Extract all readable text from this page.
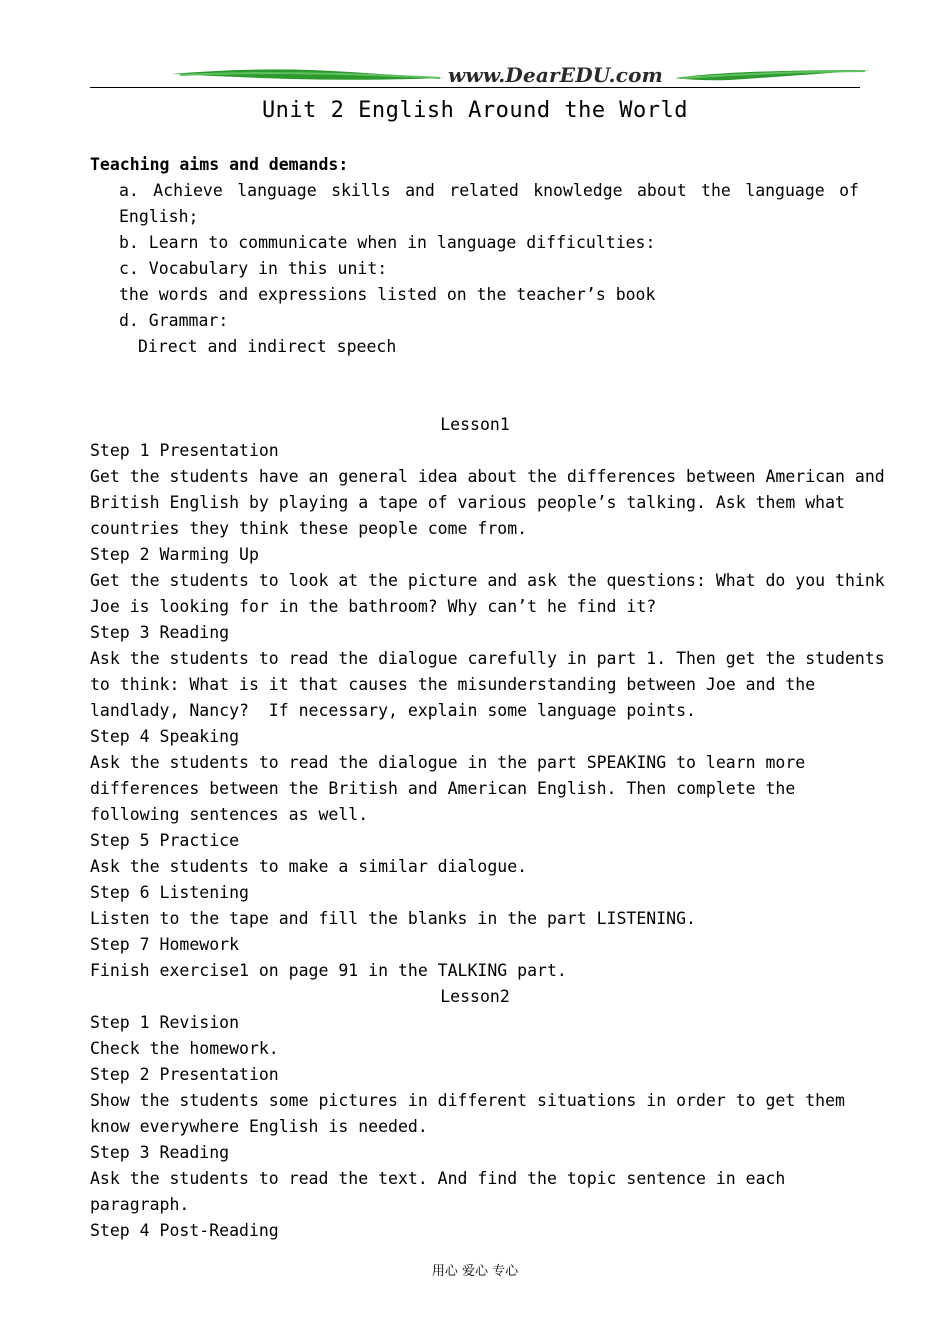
www.DearEDU.com
Unit 2 English Around the World
Teaching aims and demands:
a. Achieve language skills and related knowledge about the language of
English;
b. Learn to communicate when in language difficulties:
c. Vocabulary in this unit:
the words and expressions listed on the teacher’s book
d. Grammar:
Direct and indirect speech
Lesson1
Step 1 Presentation
Get the students have an general idea about the differences between American and
British English by playing a tape of various people’s talking. Ask them what
countries they think these people come from.
Step 2 Warming Up
Get the students to look at the picture and ask the questions: What do you think
Joe is looking for in the bathroom? Why can’t he find it?
Step 3 Reading
Ask the students to read the dialogue carefully in part 1. Then get the students
to think: What is it that causes the misunderstanding between Joe and the
landlady, Nancy?  If necessary, explain some language points.
Step 4 Speaking
Ask the students to read the dialogue in the part SPEAKING to learn more
differences between the British and American English. Then complete the
following sentences as well.
Step 5 Practice
Ask the students to make a similar dialogue.
Step 6 Listening
Listen to the tape and fill the blanks in the part LISTENING.
Step 7 Homework
Finish exercise1 on page 91 in the TALKING part.
Lesson2
Step 1 Revision
Check the homework.
Step 2 Presentation
Show the students some pictures in different situations in order to get them
know everywhere English is needed.
Step 3 Reading
Ask the students to read the text. And find the topic sentence in each
paragraph.
Step 4 Post-Reading
用心 爱心 专心
